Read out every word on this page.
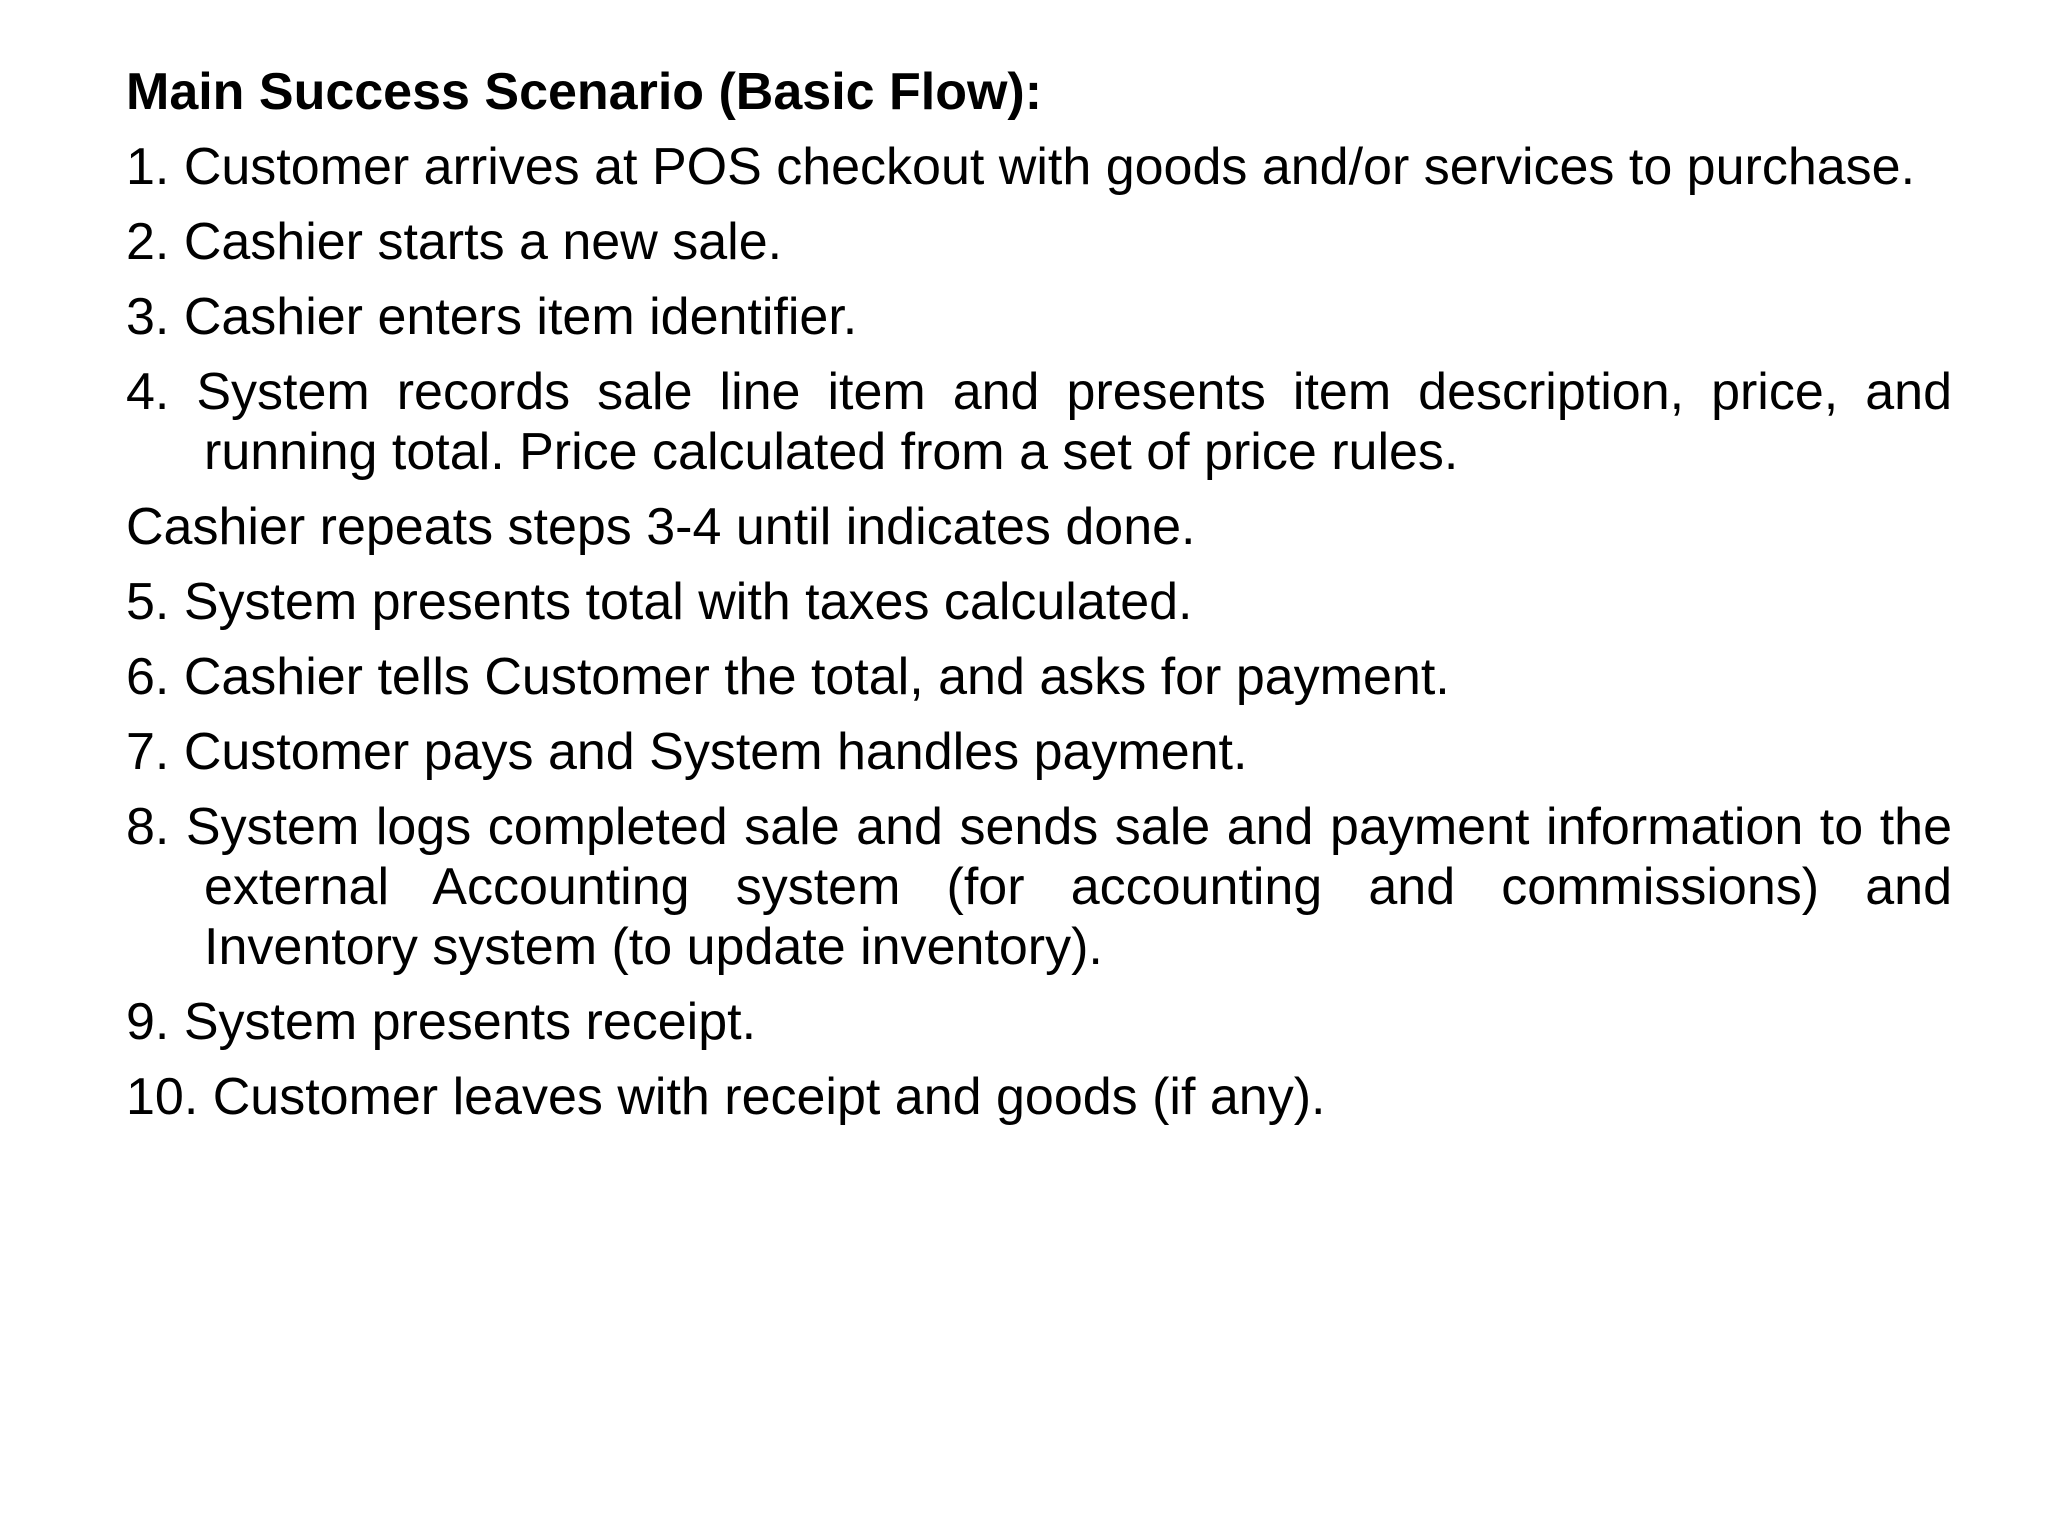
Main Success Scenario (Basic Flow):
1. Customer arrives at POS checkout with goods and/or services to purchase.
2. Cashier starts a new sale.
3. Cashier enters item identifier.
4. System records sale line item and presents item description, price, and running total. Price calculated from a set of price rules.
Cashier repeats steps 3-4 until indicates done.
5. System presents total with taxes calculated.
6. Cashier tells Customer the total, and asks for payment.
7. Customer pays and System handles payment.
8. System logs completed sale and sends sale and payment information to the external Accounting system (for accounting and commissions) and Inventory system (to update inventory).
9. System presents receipt.
10. Customer leaves with receipt and goods (if any).
